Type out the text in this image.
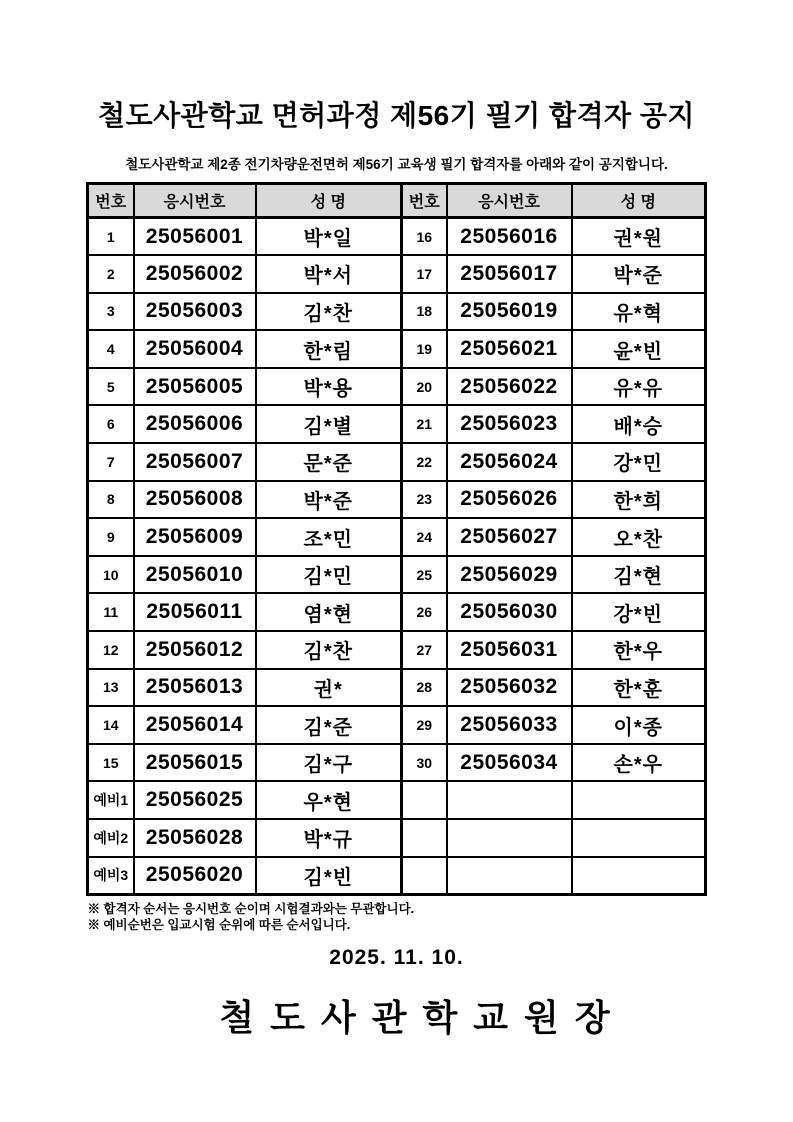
철도사관학교 면허과정 제56기 필기 합격자 공지
철도사관학교 제2종 전기차량운전면허 제56기 교육생 필기 합격자를 아래와 같이 공지합니다.
번호	응시번호	성 명	번호	응시번호	성 명
1	25056001	박*일	16	25056016	권*원
2	25056002	박*서	17	25056017	박*준
3	25056003	김*찬	18	25056019	유*혁
4	25056004	한*림	19	25056021	윤*빈
5	25056005	박*용	20	25056022	유*유
6	25056006	김*별	21	25056023	배*승
7	25056007	문*준	22	25056024	강*민
8	25056008	박*준	23	25056026	한*희
9	25056009	조*민	24	25056027	오*찬
10	25056010	김*민	25	25056029	김*현
11	25056011	염*현	26	25056030	강*빈
12	25056012	김*찬	27	25056031	한*우
13	25056013	권*	28	25056032	한*훈
14	25056014	김*준	29	25056033	이*종
15	25056015	김*구	30	25056034	손*우
예비1	25056025	우*현			
예비2	25056028	박*규			
예비3	25056020	김*빈			
※ 합격자 순서는 응시번호 순이며 시험결과와는 무관합니다.
※ 예비순번은 입교시험 순위에 따른 순서입니다.
2025. 11. 10.
철도사관학교원장
